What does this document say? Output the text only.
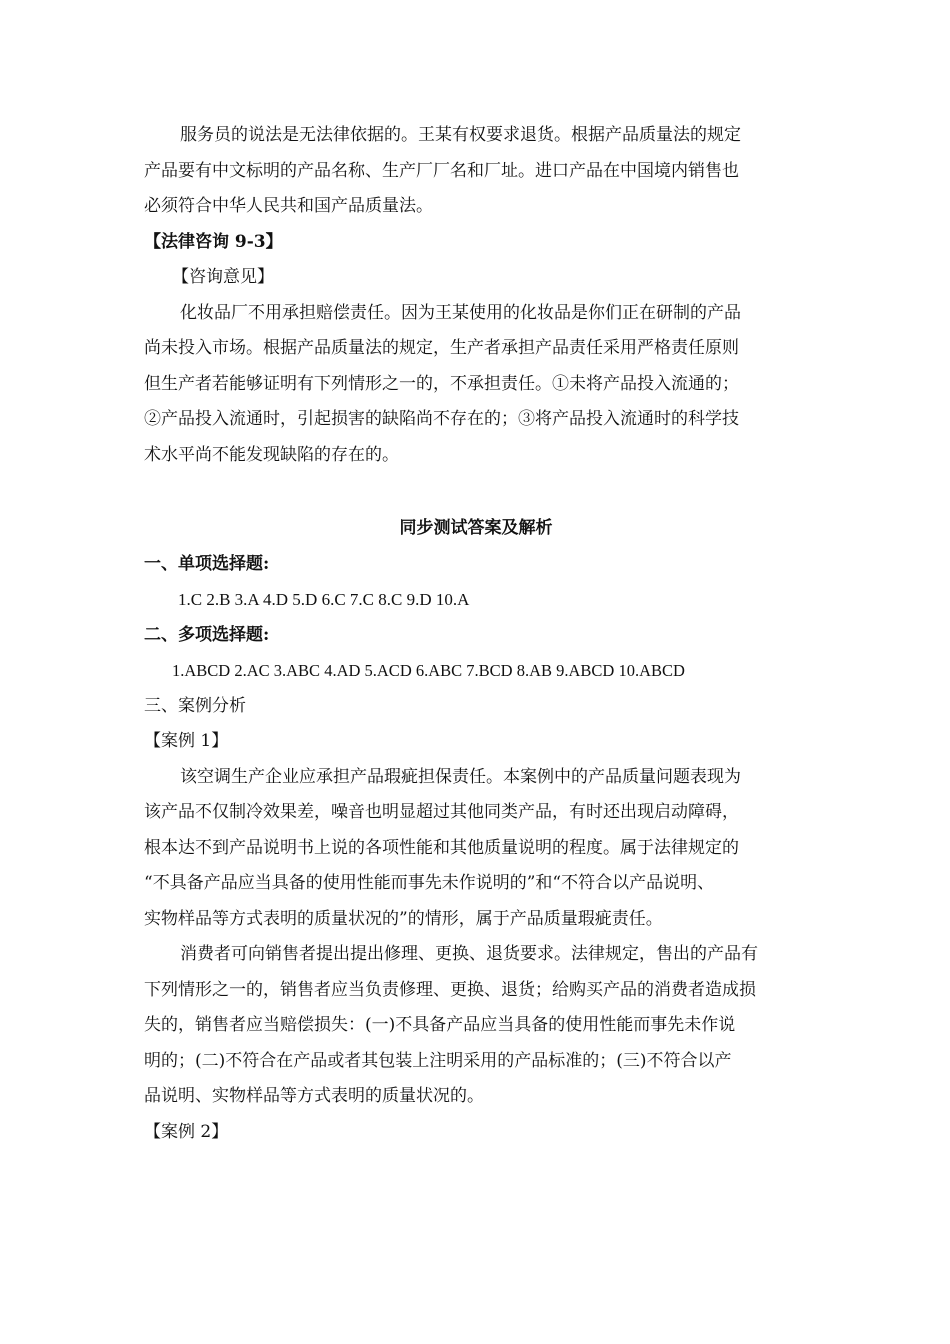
服务员的说法是无法律依据的。王某有权要求退货。根据产品质量法的规定
产品要有中文标明的产品名称、生产厂厂名和厂址。进口产品在中国境内销售也
必须符合中华人民共和国产品质量法。
【法律咨询 9-3】
【咨询意见】
化妆品厂不用承担赔偿责任。因为王某使用的化妆品是你们正在研制的产品
尚未投入市场。根据产品质量法的规定，生产者承担产品责任采用严格责任原则
但生产者若能够证明有下列情形之一的，不承担责任。①未将产品投入流通的；
②产品投入流通时，引起损害的缺陷尚不存在的；③将产品投入流通时的科学技
术水平尚不能发现缺陷的存在的。
同步测试答案及解析
一、单项选择题:
1.C 2.B 3.A 4.D 5.D 6.C 7.C 8.C 9.D 10.A
二、多项选择题:
1.ABCD 2.AC 3.ABC 4.AD 5.ACD 6.ABC 7.BCD 8.AB 9.ABCD 10.ABCD
三、案例分析
【案例 1】
该空调生产企业应承担产品瑕疵担保责任。本案例中的产品质量问题表现为
该产品不仅制冷效果差，噪音也明显超过其他同类产品，有时还出现启动障碍，
根本达不到产品说明书上说的各项性能和其他质量说明的程度。属于法律规定的
“不具备产品应当具备的使用性能而事先未作说明的”和“不符合以产品说明、
实物样品等方式表明的质量状况的”的情形，属于产品质量瑕疵责任。
消费者可向销售者提出提出修理、更换、退货要求。法律规定，售出的产品有
下列情形之一的，销售者应当负责修理、更换、退货；给购买产品的消费者造成损
失的，销售者应当赔偿损失：(一)不具备产品应当具备的使用性能而事先未作说
明的；(二)不符合在产品或者其包装上注明采用的产品标准的；(三)不符合以产
品说明、实物样品等方式表明的质量状况的。
【案例 2】
